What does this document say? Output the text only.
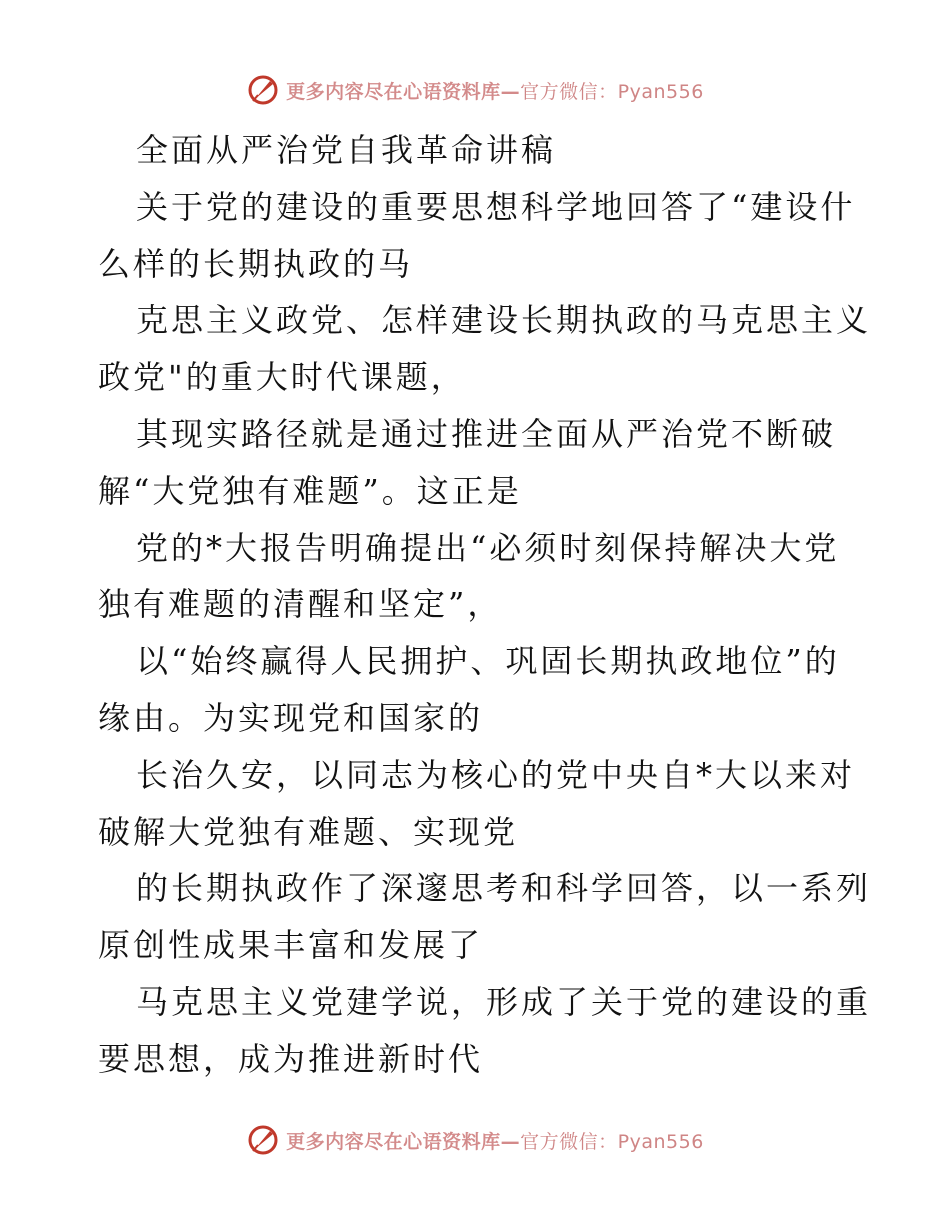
更多内容尽在心语资料库—官方微信：Pyan556
全面从严治党自我革命讲稿
关于党的建设的重要思想科学地回答了“建设什
么样的长期执政的马
克思主义政党、怎样建设长期执政的马克思主义
政党"的重大时代课题，
其现实路径就是通过推进全面从严治党不断破
解“大党独有难题”。这正是
党的*大报告明确提出“必须时刻保持解决大党
独有难题的清醒和坚定”，
以“始终赢得人民拥护、巩固长期执政地位”的
缘由。为实现党和国家的
长治久安，以同志为核心的党中央自*大以来对
破解大党独有难题、实现党
的长期执政作了深邃思考和科学回答，以一系列
原创性成果丰富和发展了
马克思主义党建学说，形成了关于党的建设的重
要思想，成为推进新时代
更多内容尽在心语资料库—官方微信：Pyan556
